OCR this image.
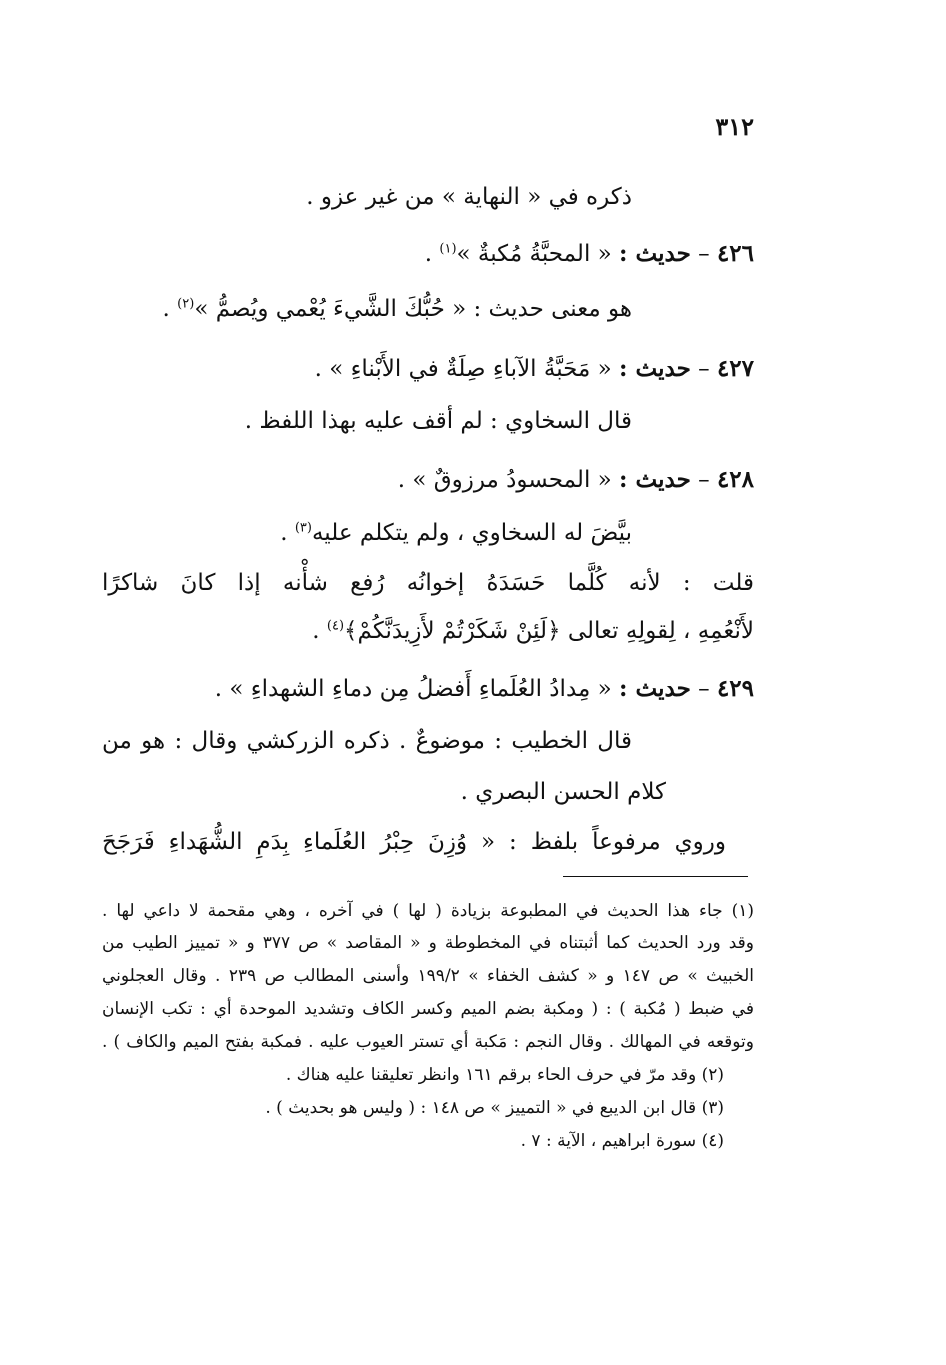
٣١٢
ذكره في « النهاية » من غير عزو .
٤٢٦ – حديث : « المحبَّةُ مُكبةٌ »$^{(١)}$ .
هو معنى حديث : « حُبُّكَ الشَّيءَ يُعْمي ويُصمُّ »$^{(٢)}$ .
٤٢٧ – حديث : « مَحَبَّةُ الآباءِ صِلَةٌ في الأَبْناءِ » .
قال السخاوي : لم أقف عليه بهذا اللفظ .
٤٢٨ – حديث : « المحسودُ مرزوقٌ » .
بيَّضَ له السخاوي ، ولم يتكلم عليه$^{(٣)}$ .
قلت : لأنه كُلَّما حَسَدَهُ إخوانُه رُفع شأْنه إذا كانَ شاكرًا
لأَنْعُمِهِ ، لِقولِهِ تعالى ﴿لَئِنْ شَكَرْتُمْ لأَزِيدَنَّكُمْ﴾$^{(٤)}$ .
٤٢٩ – حديث : « مِدادُ العُلَماءِ أَفضلُ مِن دماءِ الشهداءِ » .
قال الخطيب : موضوعٌ . ذكره الزركشي وقال : هو من
كلام الحسن البصري .
وروي مرفوعاً بلفظ : « وُزِنَ حِبْرُ العُلَماءِ بِدَمِ الشُّهَداءِ فَرَجَحَ
(١) جاء هذا الحديث في المطبوعة بزيادة ( لها ) في آخره ، وهي مقحمة لا داعي لها .
وقد ورد الحديث كما أثبتناه في المخطوطة و « المقاصد » ص ٣٧٧ و « تمييز الطيب من
الخبيث » ص ١٤٧ و « كشف الخفاء » ١٩٩/٢ وأسنى المطالب ص ٢٣٩ . وقال العجلوني
في ضبط ( مُكبة ) : ( ومكبة بضم الميم وكسر الكاف وتشديد الموحدة أي : تكب الإنسان
وتوقعه في المهالك . وقال النجم : مَكبة أي تستر العيوب عليه . فمكبة بفتح الميم والكاف ) .
(٢) وقد مرّ في حرف الحاء برقم ١٦١ وانظر تعليقنا عليه هناك .
(٣) قال ابن الديبع في « التمييز » ص ١٤٨ : ( وليس هو بحديث ) .
(٤) سورة ابراهيم ، الآية : ٧ .
